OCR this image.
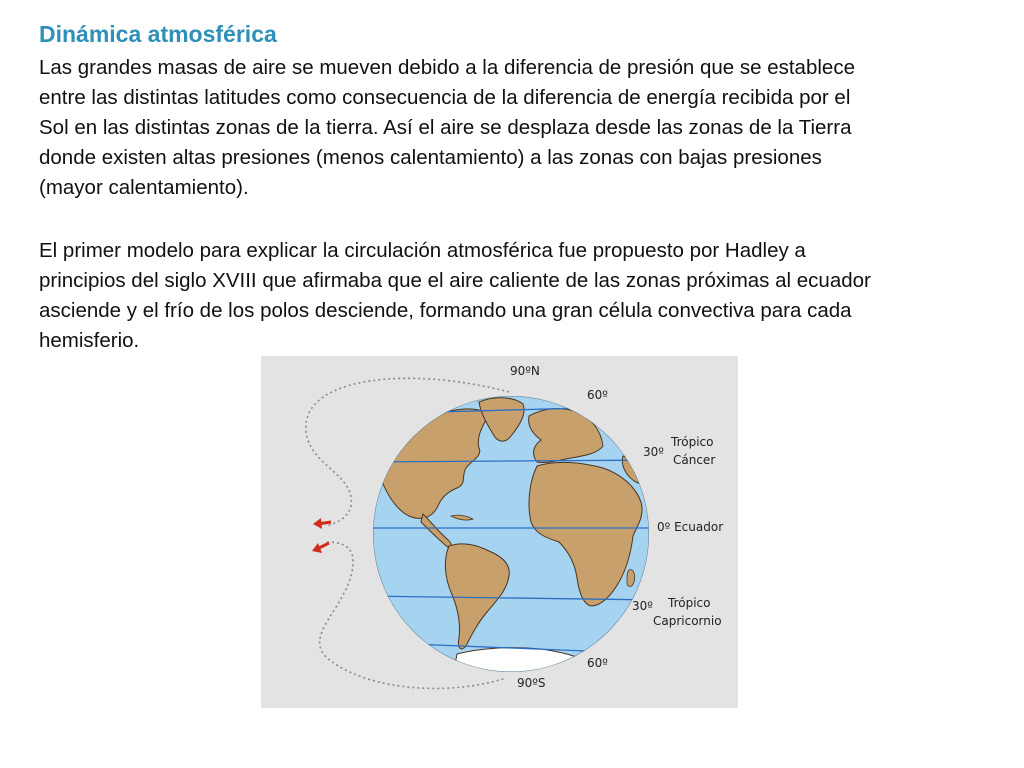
Dinámica atmosférica
Las grandes masas de aire se mueven debido a la diferencia de presión que se establece
entre las distintas latitudes como consecuencia de la diferencia de energía recibida por el
Sol en las distintas zonas de la tierra. Así el aire se desplaza desde las zonas de la Tierra
donde existen altas presiones (menos calentamiento) a las zonas con bajas presiones
(mayor calentamiento).
El primer modelo para explicar la circulación atmosférica fue propuesto por Hadley a
principios del siglo XVIII que afirmaba que el aire caliente de las zonas próximas al ecuador
asciende y el frío de los polos desciende, formando una gran célula convectiva para cada
hemisferio.
90ºN
60º
30º
Trópico
Cáncer
0º Ecuador
30º Trópico
Capricornio
60º
90ºS
